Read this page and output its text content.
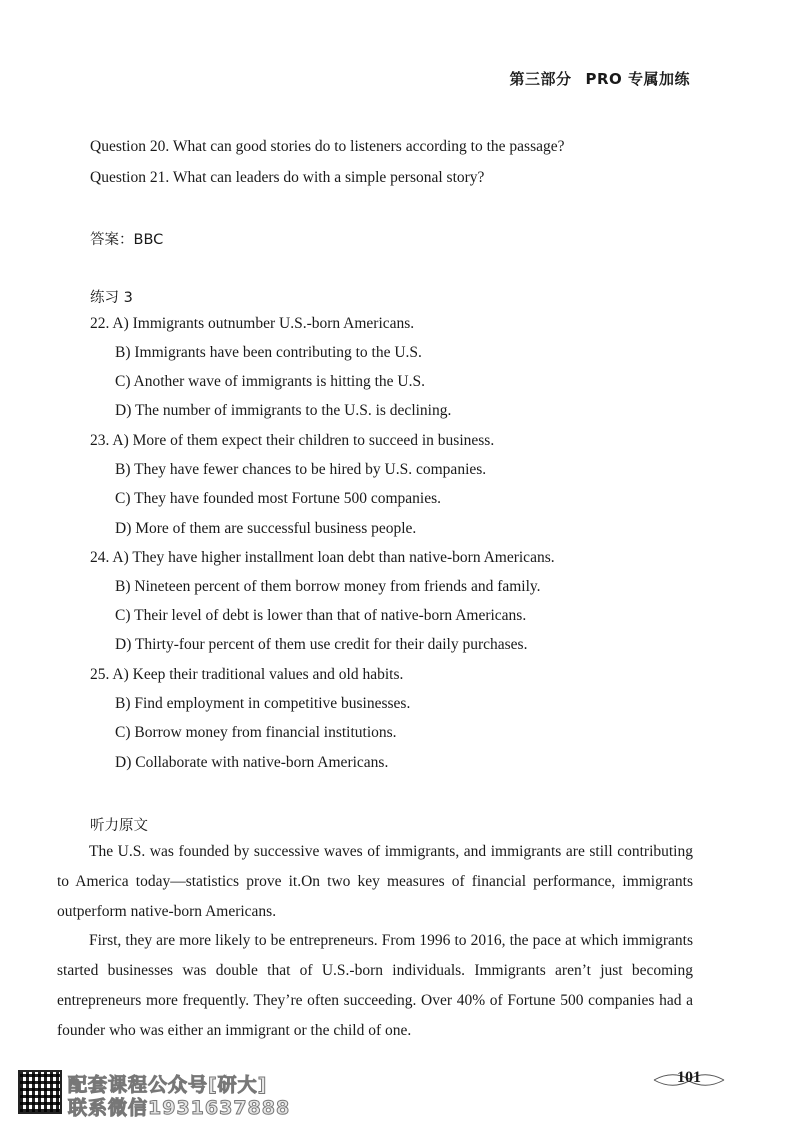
第三部分 PRO 专属加练
Question 20. What can good stories do to listeners according to the passage?
Question 21. What can leaders do with a simple personal story?
答案：BBC
练习 3
22. A) Immigrants outnumber U.S.-born Americans.
B) Immigrants have been contributing to the U.S.
C) Another wave of immigrants is hitting the U.S.
D) The number of immigrants to the U.S. is declining.
23. A) More of them expect their children to succeed in business.
B) They have fewer chances to be hired by U.S. companies.
C) They have founded most Fortune 500 companies.
D) More of them are successful business people.
24. A) They have higher installment loan debt than native-born Americans.
B) Nineteen percent of them borrow money from friends and family.
C) Their level of debt is lower than that of native-born Americans.
D) Thirty-four percent of them use credit for their daily purchases.
25. A) Keep their traditional values and old habits.
B) Find employment in competitive businesses.
C) Borrow money from financial institutions.
D) Collaborate with native-born Americans.
听力原文
The U.S. was founded by successive waves of immigrants, and immigrants are still contributing to America today—statistics prove it.On two key measures of financial performance, immigrants outperform native-born Americans.
First, they are more likely to be entrepreneurs. From 1996 to 2016, the pace at which immigrants started businesses was double that of U.S.-born individuals. Immigrants aren’t just becoming entrepreneurs more frequently. They’re often succeeding. Over 40% of Fortune 500 companies had a founder who was either an immigrant or the child of one.
配套课程公众号[研大]
联系微信1931637888
101
